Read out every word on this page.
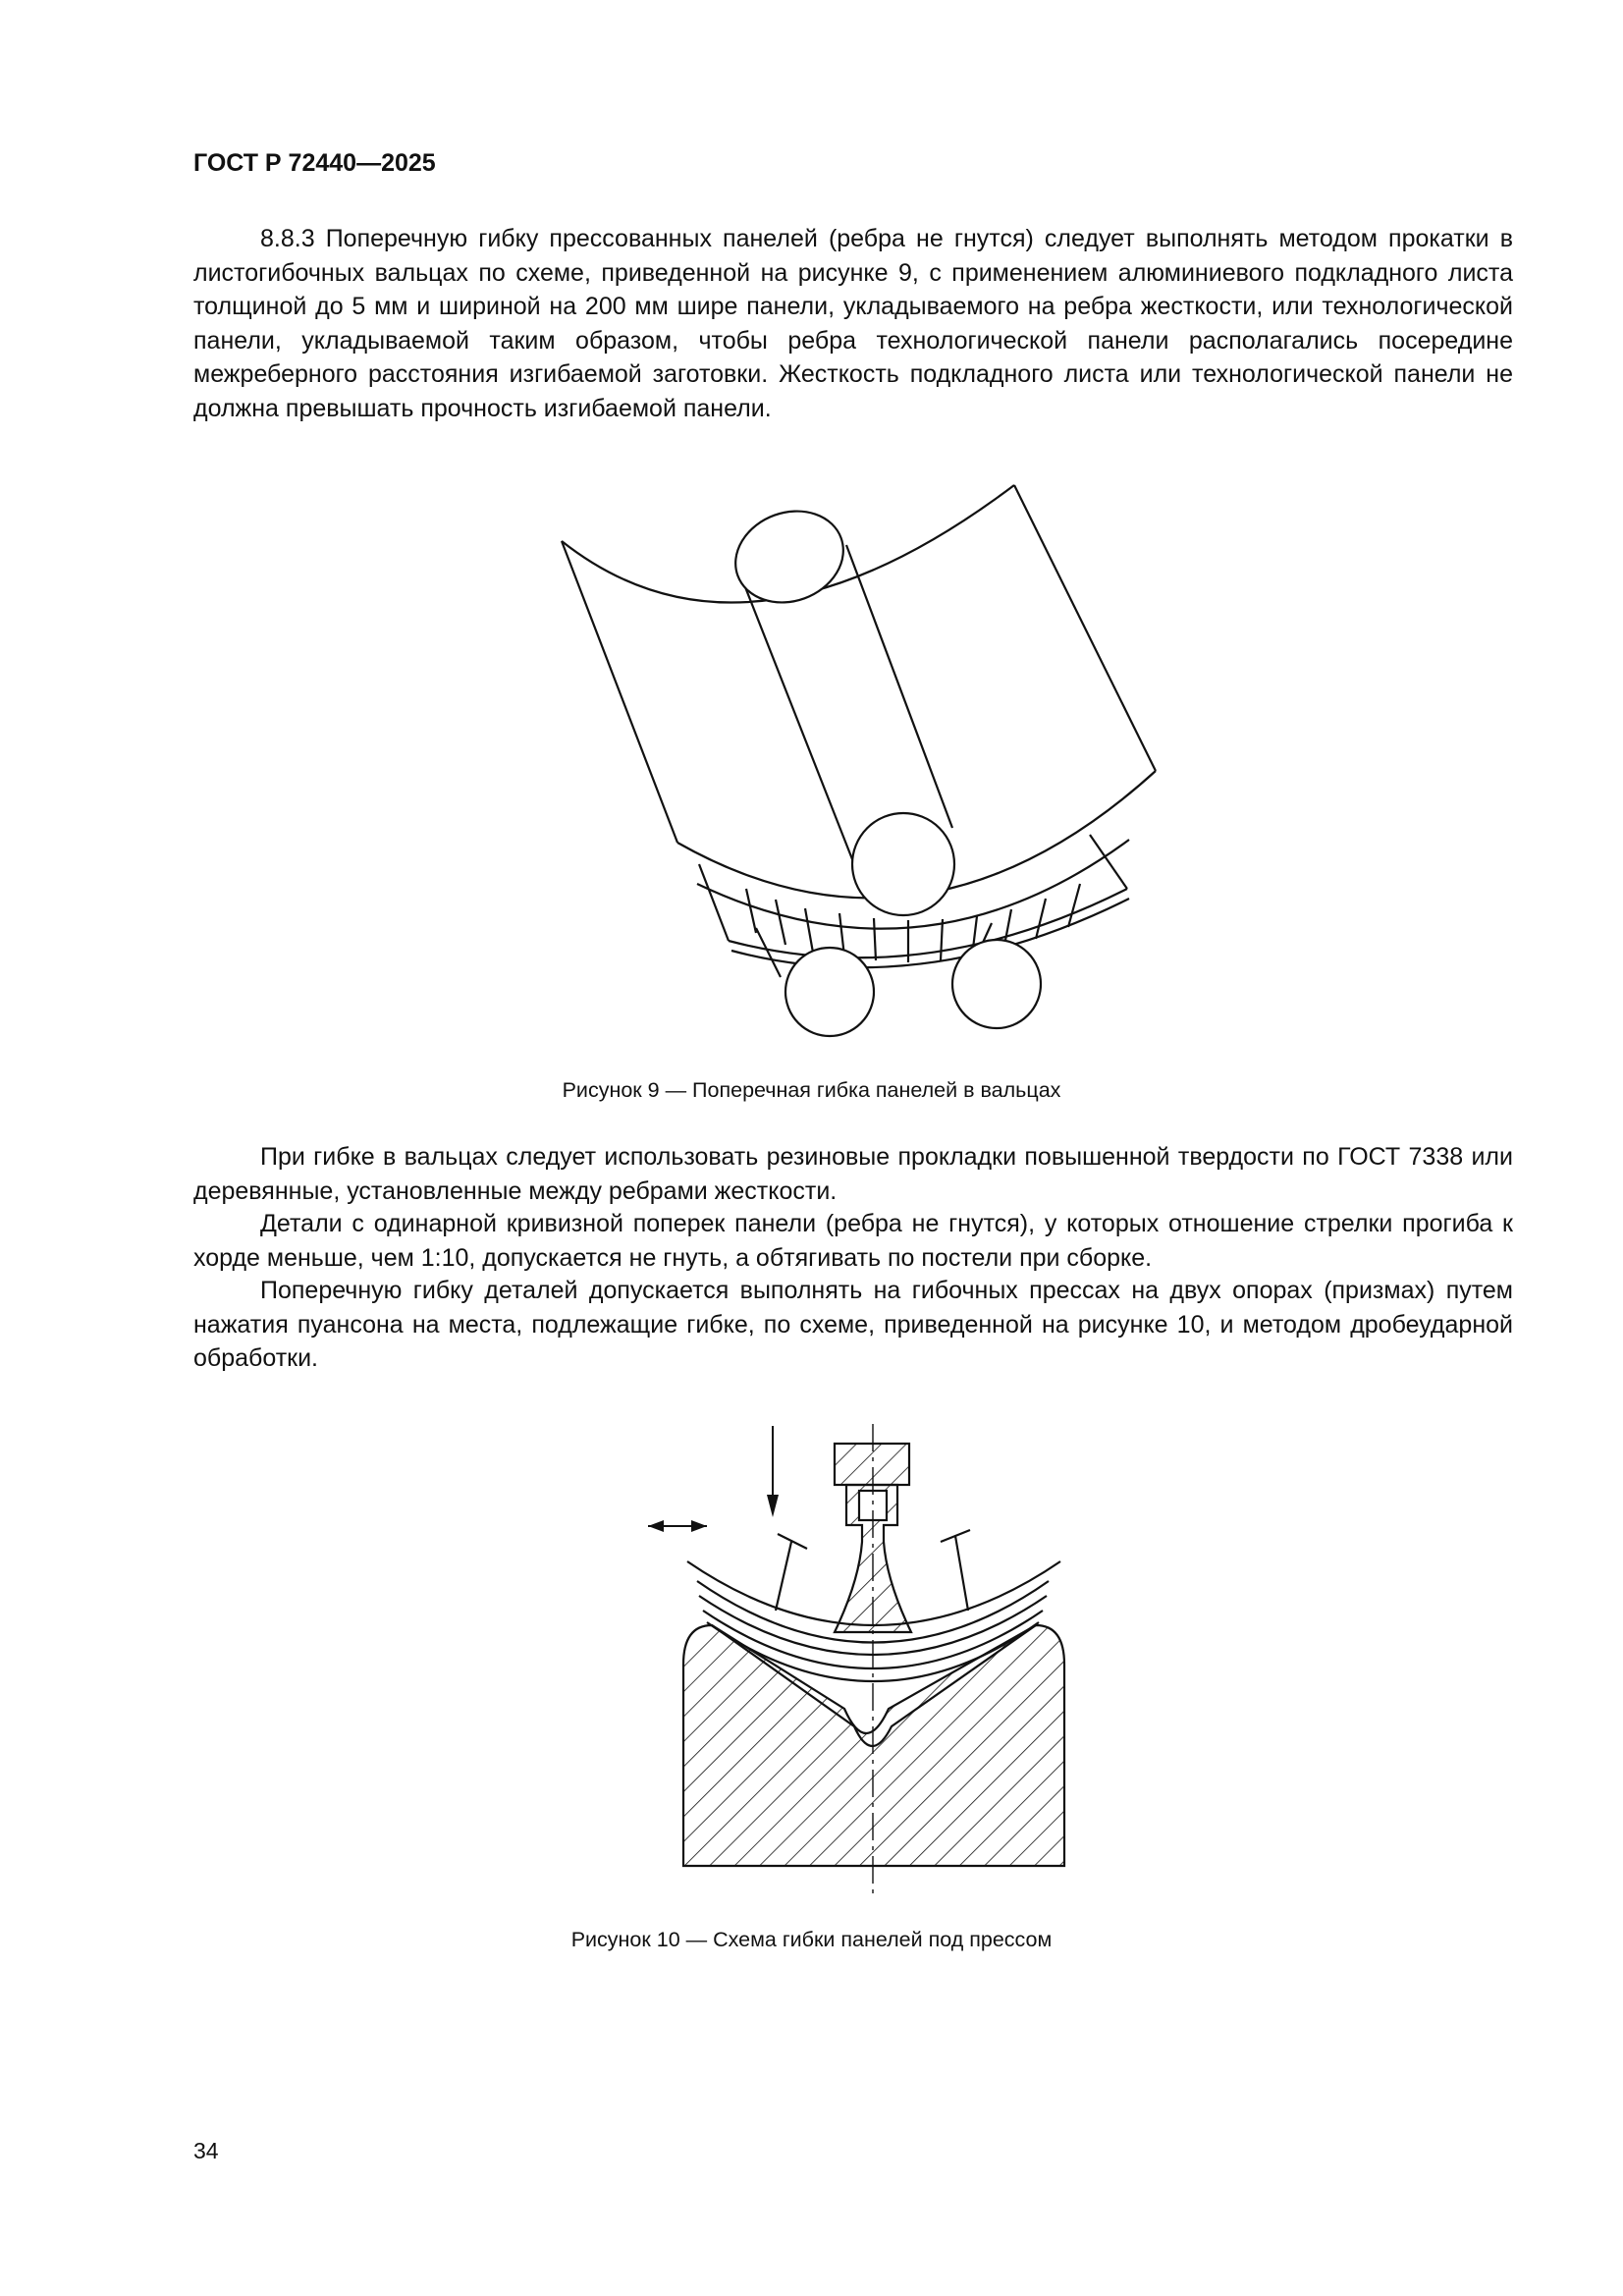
ГОСТ Р 72440—2025

8.8.3 Поперечную гибку прессованных панелей (ребра не гнутся) следует выполнять методом прокатки в листогибочных вальцах по схеме, приведенной на рисунке 9, с применением алюминиевого подкладного листа толщиной до 5 мм и шириной на 200 мм шире панели, укладываемого на ребра жесткости, или технологической панели, укладываемой таким образом, чтобы ребра технологической панели располагались посередине межреберного расстояния изгибаемой заготовки. Жесткость подкладного листа или технологической панели не должна превышать прочность изгибаемой панели.

Рисунок 9 — Поперечная гибка панелей в вальцах

При гибке в вальцах следует использовать резиновые прокладки повышенной твердости по ГОСТ 7338 или деревянные, установленные между ребрами жесткости.

Детали с одинарной кривизной поперек панели (ребра не гнутся), у которых отношение стрелки прогиба к хорде меньше, чем 1:10, допускается не гнуть, а обтягивать по постели при сборке.

Поперечную гибку деталей допускается выполнять на гибочных прессах на двух опорах (призмах) путем нажатия пуансона на места, подлежащие гибке, по схеме, приведенной на рисунке 10, и методом дробеударной обработки.

Рисунок 10 — Схема гибки панелей под прессом
34
